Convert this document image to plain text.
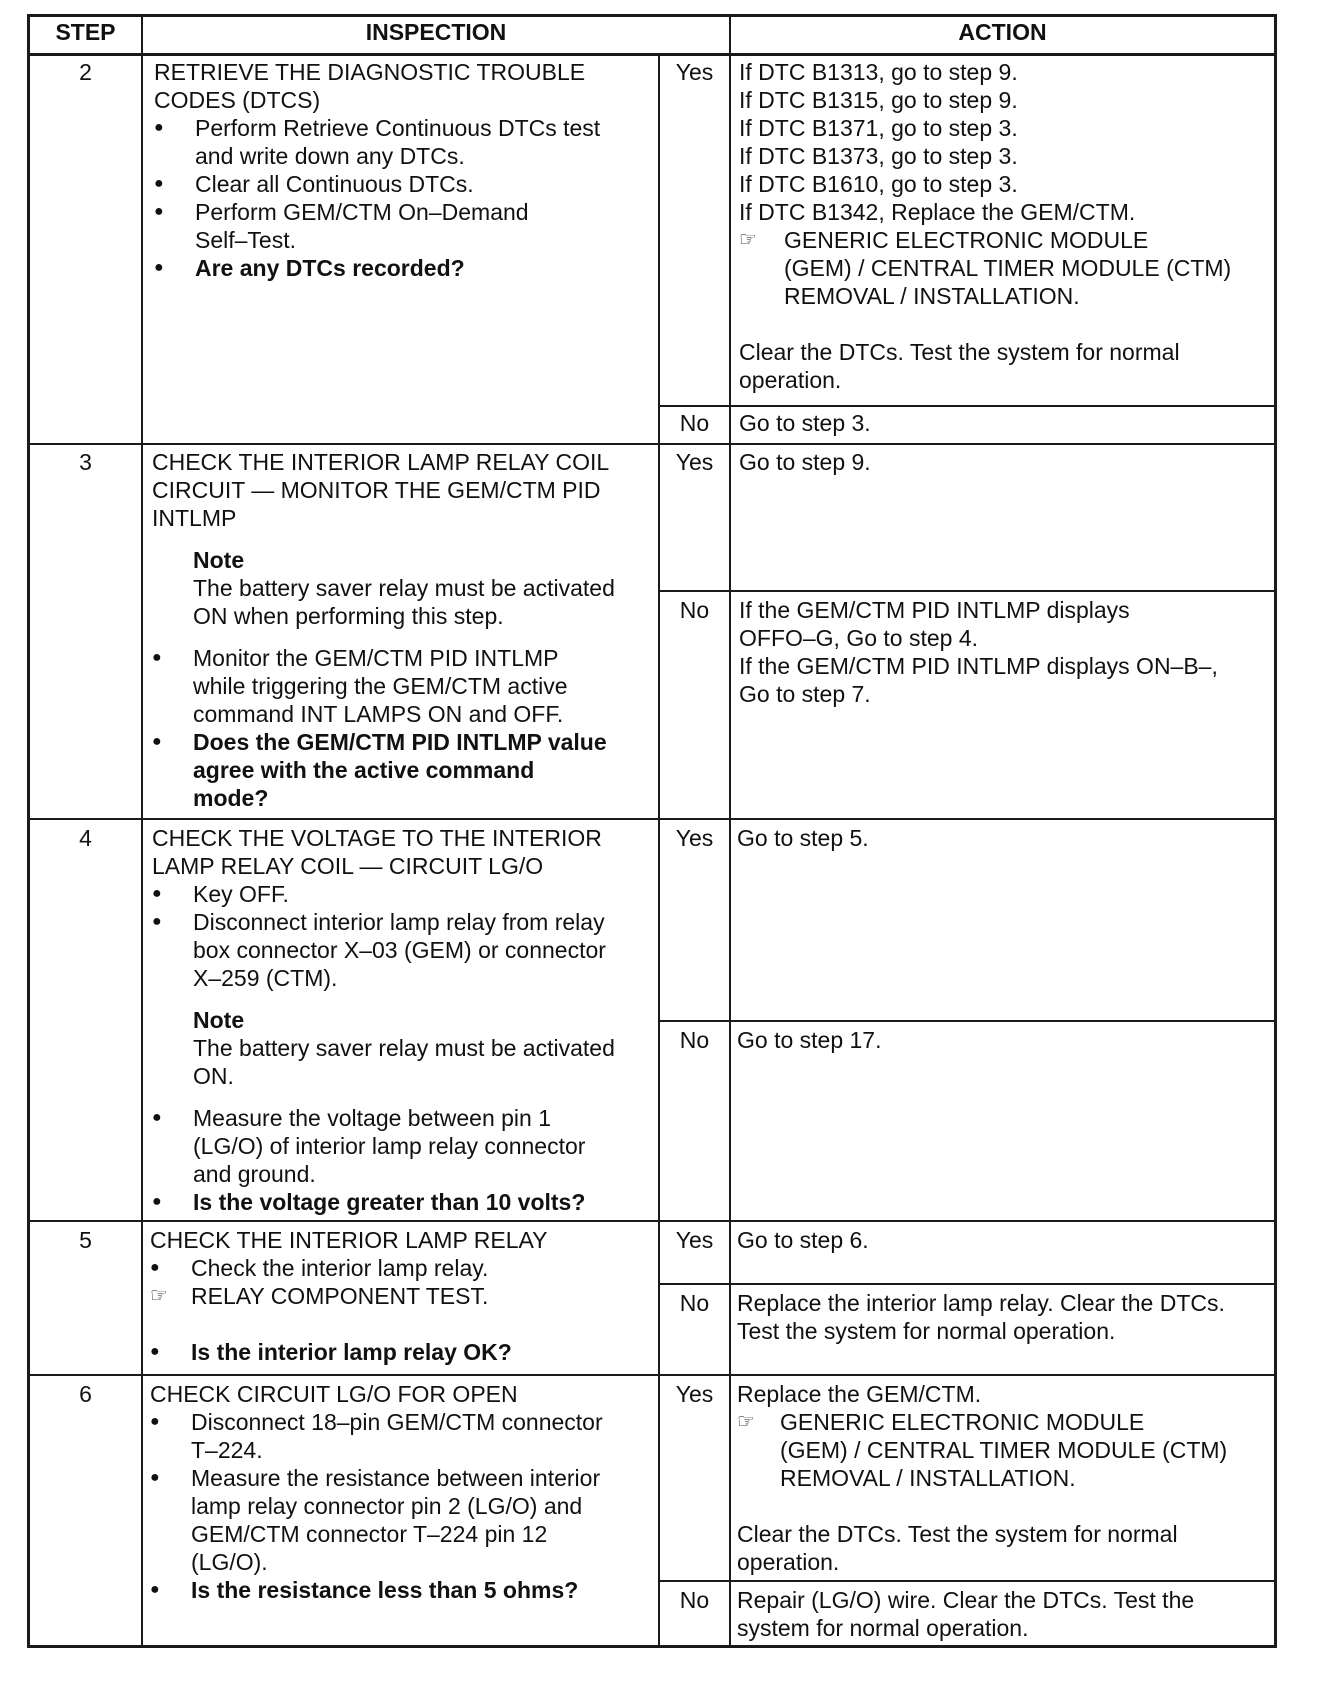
STEP	INSPECTION	ACTION
2	RETRIEVE THE DIAGNOSTIC TROUBLE
CODES (DTCS)
● Perform Retrieve Continuous DTCs test
and write down any DTCs.
● Clear all Continuous DTCs.
● Perform GEM/CTM On–Demand
Self–Test.
● Are any DTCs recorded?
Yes	If DTC B1313, go to step 9.
If DTC B1315, go to step 9.
If DTC B1371, go to step 3.
If DTC B1373, go to step 3.
If DTC B1610, go to step 3.
If DTC B1342, Replace the GEM/CTM.
☞ GENERIC ELECTRONIC MODULE
(GEM) / CENTRAL TIMER MODULE (CTM)
REMOVAL / INSTALLATION.
Clear the DTCs. Test the system for normal
operation.
No	Go to step 3.
3	CHECK THE INTERIOR LAMP RELAY COIL
CIRCUIT — MONITOR THE GEM/CTM PID
INTLMP
Note
The battery saver relay must be activated
ON when performing this step.
● Monitor the GEM/CTM PID INTLMP
while triggering the GEM/CTM active
command INT LAMPS ON and OFF.
● Does the GEM/CTM PID INTLMP value
agree with the active command
mode?
Yes	Go to step 9.
No	If the GEM/CTM PID INTLMP displays
OFFO–G, Go to step 4.
If the GEM/CTM PID INTLMP displays ON–B–,
Go to step 7.
4	CHECK THE VOLTAGE TO THE INTERIOR
LAMP RELAY COIL — CIRCUIT LG/O
● Key OFF.
● Disconnect interior lamp relay from relay
box connector X–03 (GEM) or connector
X–259 (CTM).
Note
The battery saver relay must be activated
ON.
● Measure the voltage between pin 1
(LG/O) of interior lamp relay connector
and ground.
● Is the voltage greater than 10 volts?
Yes	Go to step 5.
No	Go to step 17.
5	CHECK THE INTERIOR LAMP RELAY
● Check the interior lamp relay.
☞ RELAY COMPONENT TEST.
● Is the interior lamp relay OK?
Yes	Go to step 6.
No	Replace the interior lamp relay. Clear the DTCs.
Test the system for normal operation.
6	CHECK CIRCUIT LG/O FOR OPEN
● Disconnect 18–pin GEM/CTM connector
T–224.
● Measure the resistance between interior
lamp relay connector pin 2 (LG/O) and
GEM/CTM connector T–224 pin 12
(LG/O).
● Is the resistance less than 5 ohms?
Yes	Replace the GEM/CTM.
☞ GENERIC ELECTRONIC MODULE
(GEM) / CENTRAL TIMER MODULE (CTM)
REMOVAL / INSTALLATION.
Clear the DTCs. Test the system for normal
operation.
No	Repair (LG/O) wire. Clear the DTCs. Test the
system for normal operation.
